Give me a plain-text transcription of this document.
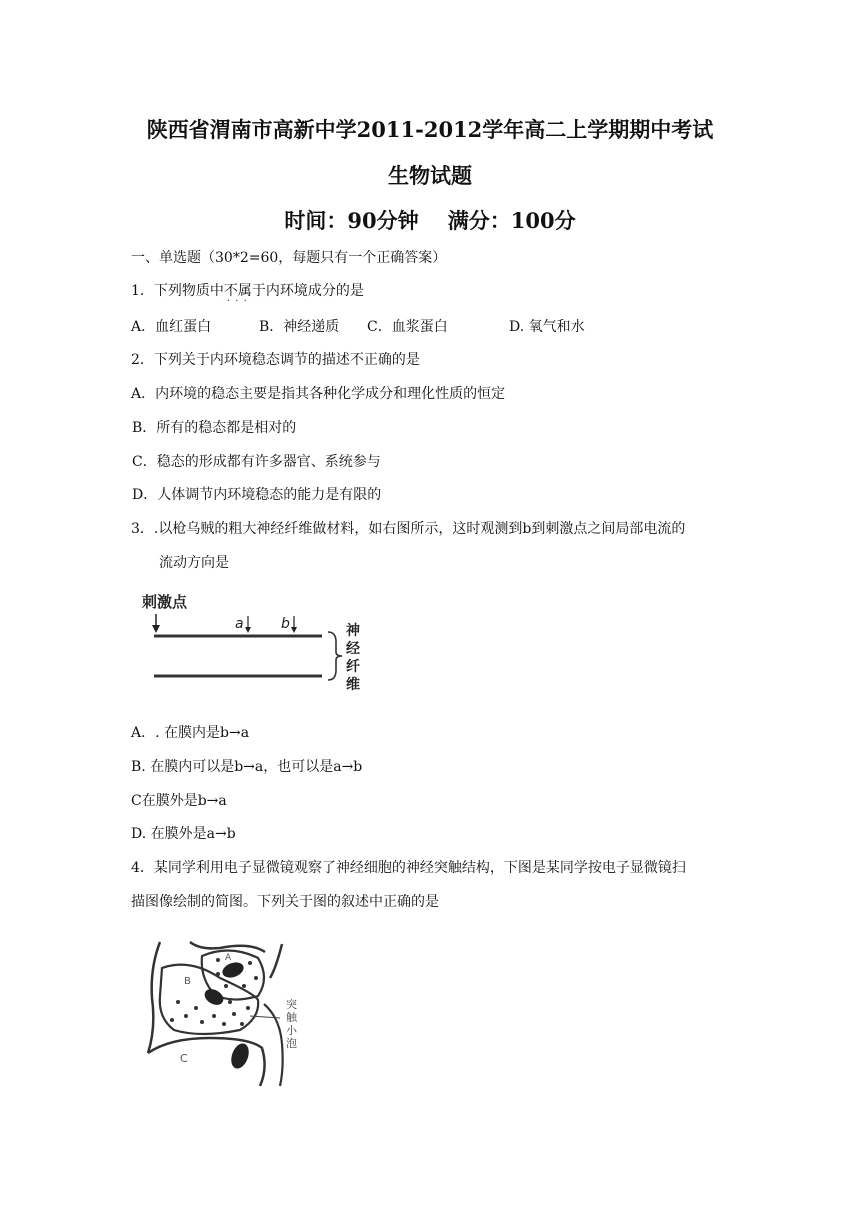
陕西省渭南市高新中学2011-2012学年高二上学期期中考试
生物试题
时间：90分钟    满分：100分
一、单选题（30*2=60，每题只有一个正确答案）
1．下列物质中不属于 · · ·内环境成分的是
A．血红蛋白	B．神经递质 C．血浆蛋白	D. 氧气和水
2．下列关于内环境稳态调节的描述不正确的是
A．内环境的稳态主要是指其各种化学成分和理化性质的恒定
B．所有的稳态都是相对的
C．稳态的形成都有许多器官、系统参与
D．人体调节内环境稳态的能力是有限的
3．.以枪乌贼的粗大神经纤维做材料，如右图所示，这时观测到b到刺激点之间局部电流的
流动方向是
刺激点
a	b	神
经
纤
维
A．. 在膜内是b→a
B. 在膜内可以是b→a，也可以是a→b
C在膜外是b→a
D. 在膜外是a→b
4．某同学利用电子显微镜观察了神经细胞的神经突触结构，下图是某同学按电子显微镜扫
描图像绘制的简图。下列关于图的叙述中正确的是
A
B
C
突
触
小
泡
